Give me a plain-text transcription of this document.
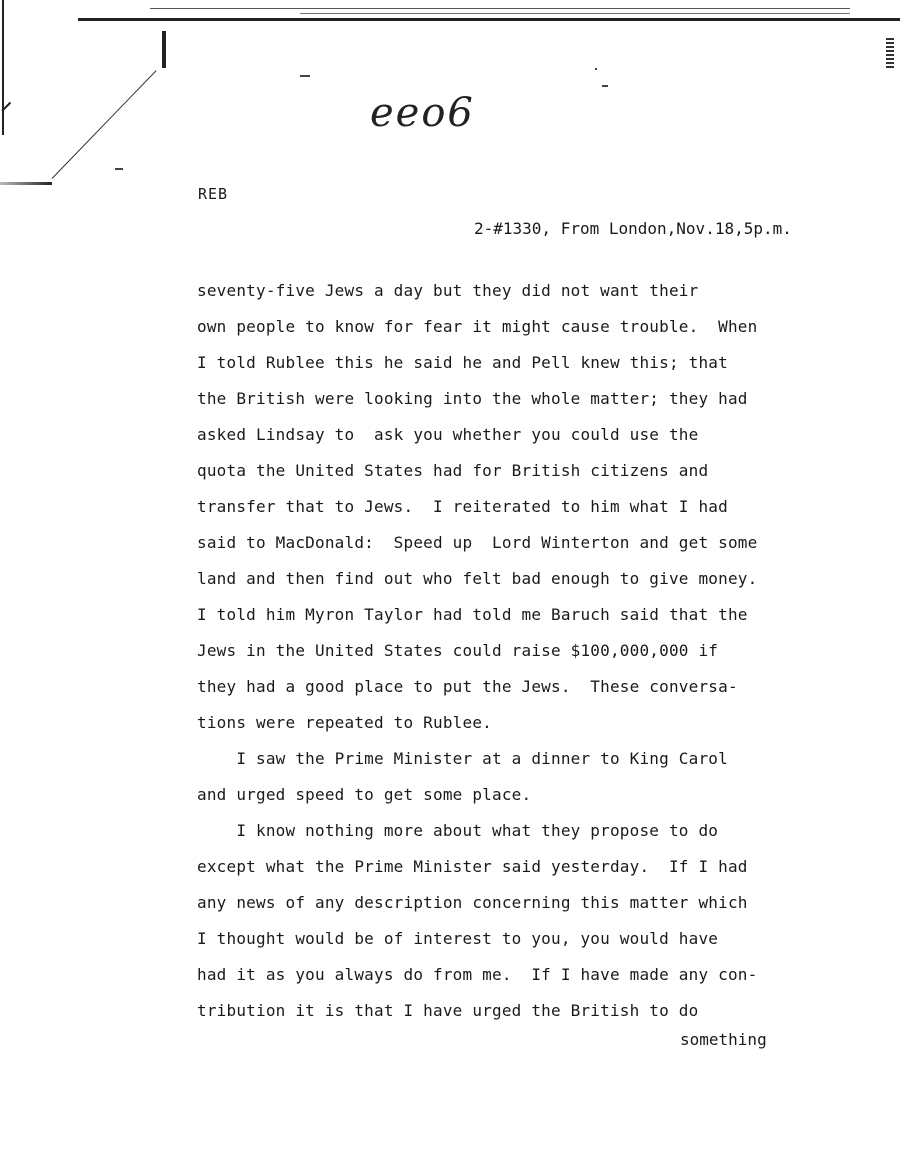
eeo6
REB
2-#1330, From London,Nov.18,5p.m.
seventy-five Jews a day but they did not want their
own people to know for fear it might cause trouble.  When
I told Rublee this he said he and Pell knew this; that
the British were looking into the whole matter; they had
asked Lindsay to  ask you whether you could use the
quota the United States had for British citizens and
transfer that to Jews.  I reiterated to him what I had
said to MacDonald:  Speed up  Lord Winterton and get some
land and then find out who felt bad enough to give money.
I told him Myron Taylor had told me Baruch said that the
Jews in the United States could raise $100,000,000 if
they had a good place to put the Jews.  These conversa-
tions were repeated to Rublee.
I saw the Prime Minister at a dinner to King Carol
and urged speed to get some place.
I know nothing more about what they propose to do
except what the Prime Minister said yesterday.  If I had
any news of any description concerning this matter which
I thought would be of interest to you, you would have
had it as you always do from me.  If I have made any con-
tribution it is that I have urged the British to do
something
